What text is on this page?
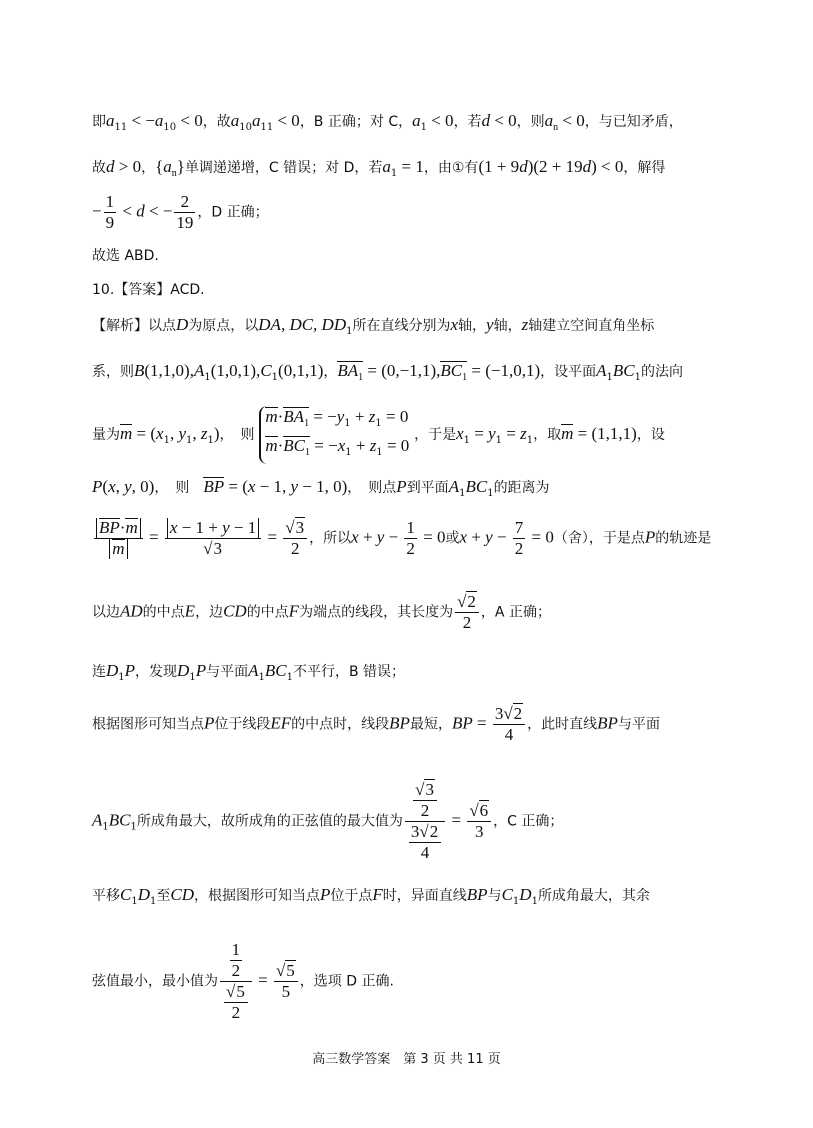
即$a_{11} < -a_{10} < 0$，故$a_{10}a_{11} < 0$，B 正确；对 C，$a_1 < 0$，若d < 0，则$a_n < 0$，与已知矛盾，
故d > 0，$\{a_n\}$单调递递增，C 错误；对 D，若$a_1 = 1$，由①有(1 + 9d)(2 + 19d) < 0，解得
− $\frac{1}{9} < d$ < − $\frac{2}{19}$ ，D 正确；
故选 ABD.
10.【答案】ACD.
【解析】以点D为原点，以DA, DC, $DD_1$所在直线分别为x轴，y轴，z轴建立空间直角坐标
系，则$B(1,1,0),A_1(1,0,1),C_1(0,1,1)$，$BA_1 = (0,-1,1),BC_1 = (-1,0,1)$，设平面$A_1BC_1$的法向
量为$m = (x_1$, $y_1$, $z_1$)，　则
$m\cdot BA_1 = -y_1 + z_1 = 0$
$m\cdot BC_1 = -x_1 + z_1 = 0$
，于是$x_1 = y_1 = z_1$，取m = (1,1,1)，设
P(x, y, 0)，　则　BP = (x − 1, y − 1, 0)，　则点P到平面$A_1BC_1$的距离为
$\frac{BP\cdot m}{m} = \frac{x - 1 + y - 1}{√3} = \frac{√3}{2}$ ，所以$x + y - \frac{1}{2} = 0$或$x + y - \frac{7}{2} = 0$（舍），于是点P的轨迹是
以边AD的中点E，边CD的中点F为端点的线段，其长度为 $\frac{√2}{2}$ ，A 正确；
连$D_1P$，发现$D_1P$与平面$A_1BC_1$不平行，B 错误；
根据图形可知当点P位于线段EF的中点时，线段BP最短，BP = $\frac{3√2}{4}$ ，此时直线BP与平面
$A_1BC_1$所成角最大，故所成角的正弦值的最大值为 $\frac{\frac{√3}{2}}{\frac{3√2}{4}} = \frac{√6}{3}$ ，C 正确；
平移$C_1D_1$至CD，根据图形可知当点P位于点F时，异面直线BP与$C_1D_1$所成角最大，其余
弦值最小，最小值为 $\frac{\frac{1}{2}}{\frac{√5}{2}} = \frac{√5}{5}$ ，选项 D 正确.
高三数学答案　第 3 页 共 11 页
